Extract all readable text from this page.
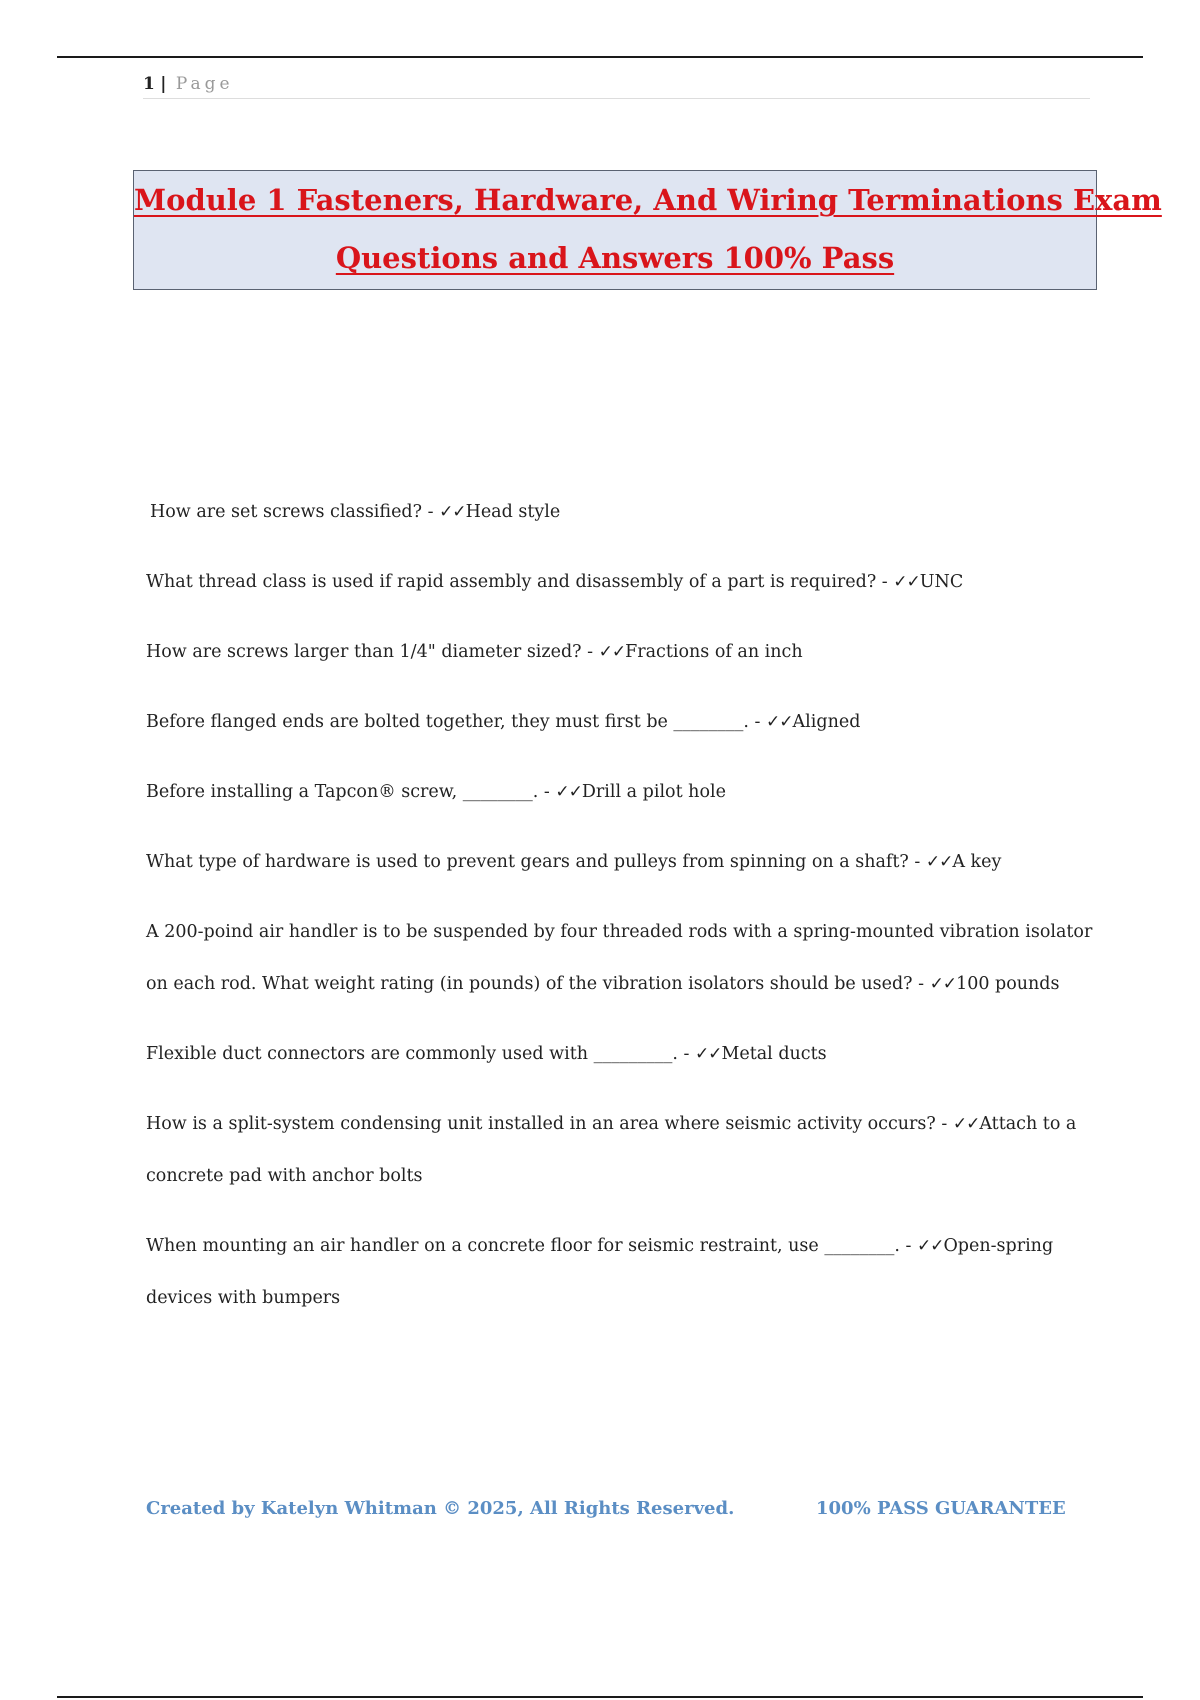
1 | Page
Module 1 Fasteners, Hardware, And Wiring Terminations Exam
Questions and Answers 100% Pass
How are set screws classified? - ✓✓Head style
What thread class is used if rapid assembly and disassembly of a part is required? - ✓✓UNC
How are screws larger than 1/4" diameter sized? - ✓✓Fractions of an inch
Before flanged ends are bolted together, they must first be ________. - ✓✓Aligned
Before installing a Tapcon® screw, ________. - ✓✓Drill a pilot hole
What type of hardware is used to prevent gears and pulleys from spinning on a shaft? - ✓✓A key
A 200-poind air handler is to be suspended by four threaded rods with a spring-mounted vibration isolator on each rod. What weight rating (in pounds) of the vibration isolators should be used? - ✓✓100 pounds
Flexible duct connectors are commonly used with _________. - ✓✓Metal ducts
How is a split-system condensing unit installed in an area where seismic activity occurs? - ✓✓Attach to a concrete pad with anchor bolts
When mounting an air handler on a concrete floor for seismic restraint, use ________. - ✓✓Open-spring devices with bumpers
Created by Katelyn Whitman © 2025, All Rights Reserved.	100% PASS GUARANTEE
